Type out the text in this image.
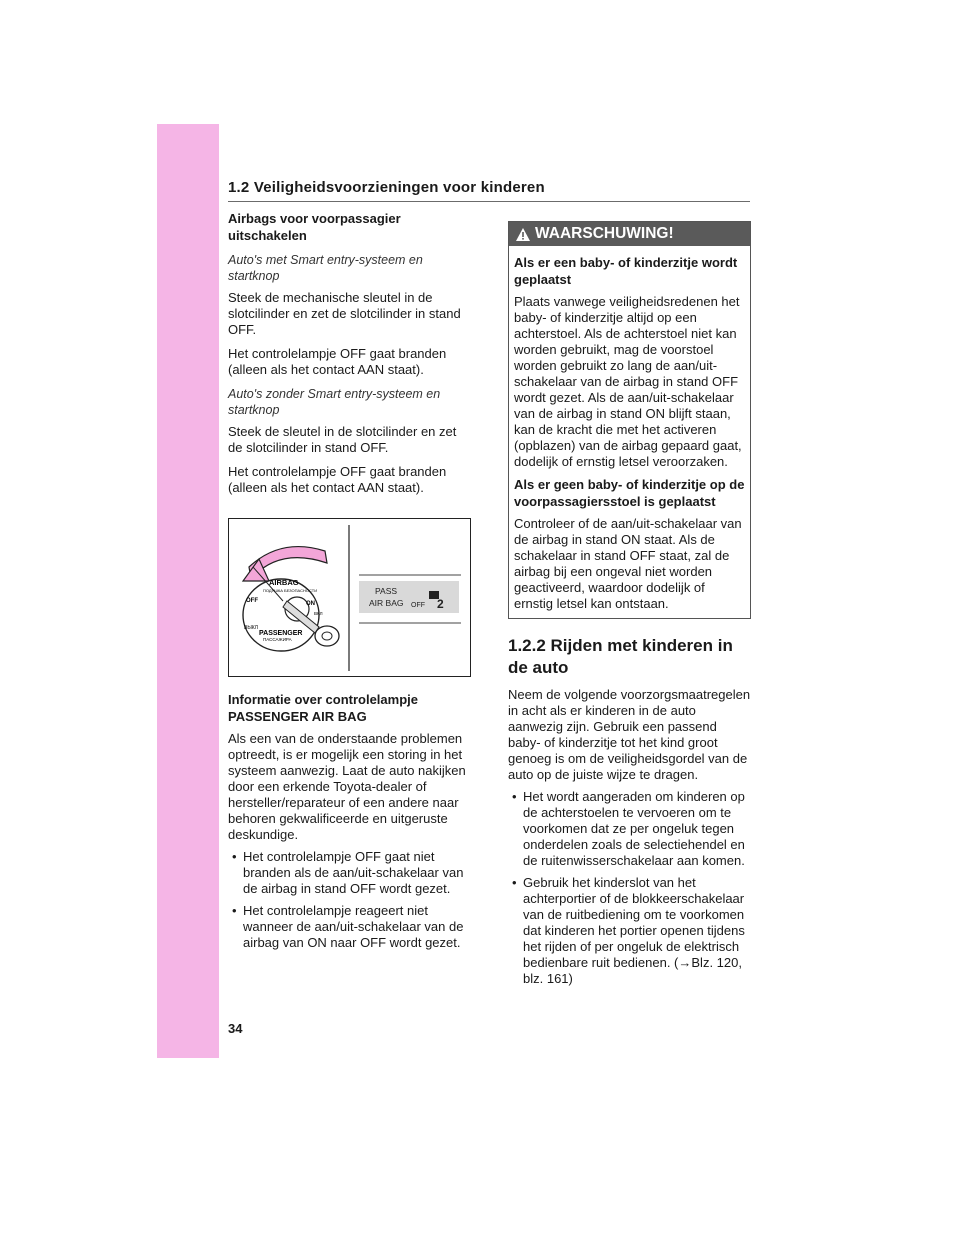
1.2 Veiligheidsvoorzieningen voor kinderen

Airbags voor voorpassagier uitschakelen

Auto's met Smart entry-systeem en startknop

Steek de mechanische sleutel in de slotcilinder en zet de slotcilinder in stand OFF.

Het controlelampje OFF gaat branden (alleen als het contact AAN staat).

Auto's zonder Smart entry-systeem en startknop

Steek de sleutel in de slotcilinder en zet de slotcilinder in stand OFF.

Het controlelampje OFF gaat branden (alleen als het contact AAN staat).

AIRBAG
ПОДУШКА БЕЗОПАСНОСТИ
OFF	ON
ВЫКЛ
ВКЛ
PASSENGER
ПАССАЖИРА
PASS
AIR BAG OFF 2

Informatie over controlelampje PASSENGER AIR BAG

Als een van de onderstaande problemen optreedt, is er mogelijk een storing in het systeem aanwezig. Laat de auto nakijken door een erkende Toyota-dealer of hersteller/reparateur of een andere naar behoren gekwalificeerde en uitgeruste deskundige.

• Het controlelampje OFF gaat niet branden als de aan/uit-schakelaar van de airbag in stand OFF wordt gezet.
• Het controlelampje reageert niet wanneer de aan/uit-schakelaar van de airbag van ON naar OFF wordt gezet.
WAARSCHUWING!

Als er een baby- of kinderzitje wordt geplaatst

Plaats vanwege veiligheidsredenen het baby- of kinderzitje altijd op een achterstoel. Als de achterstoel niet kan worden gebruikt, mag de voorstoel worden gebruikt zo lang de aan/uit-schakelaar van de airbag in stand OFF wordt gezet. Als de aan/uit-schakelaar van de airbag in stand ON blijft staan, kan de kracht die met het activeren (opblazen) van de airbag gepaard gaat, dodelijk of ernstig letsel veroorzaken.

Als er geen baby- of kinderzitje op de voorpassagiersstoel is geplaatst

Controleer of de aan/uit-schakelaar van de airbag in stand ON staat. Als de schakelaar in stand OFF staat, zal de airbag bij een ongeval niet worden geactiveerd, waardoor dodelijk of ernstig letsel kan ontstaan.

1.2.2 Rijden met kinderen in de auto

Neem de volgende voorzorgsmaatregelen in acht als er kinderen in de auto aanwezig zijn. Gebruik een passend baby- of kinderzitje tot het kind groot genoeg is om de veiligheidsgordel van de auto op de juiste wijze te dragen.

• Het wordt aangeraden om kinderen op de achterstoelen te vervoeren om te voorkomen dat ze per ongeluk tegen onderdelen zoals de selectiehendel en de ruitenwisserschakelaar aan komen.
• Gebruik het kinderslot van het achterportier of de blokkeerschakelaar van de ruitbediening om te voorkomen dat kinderen het portier openen tijdens het rijden of per ongeluk de elektrisch bedienbare ruit bedienen. (→Blz. 120, blz. 161)
34
